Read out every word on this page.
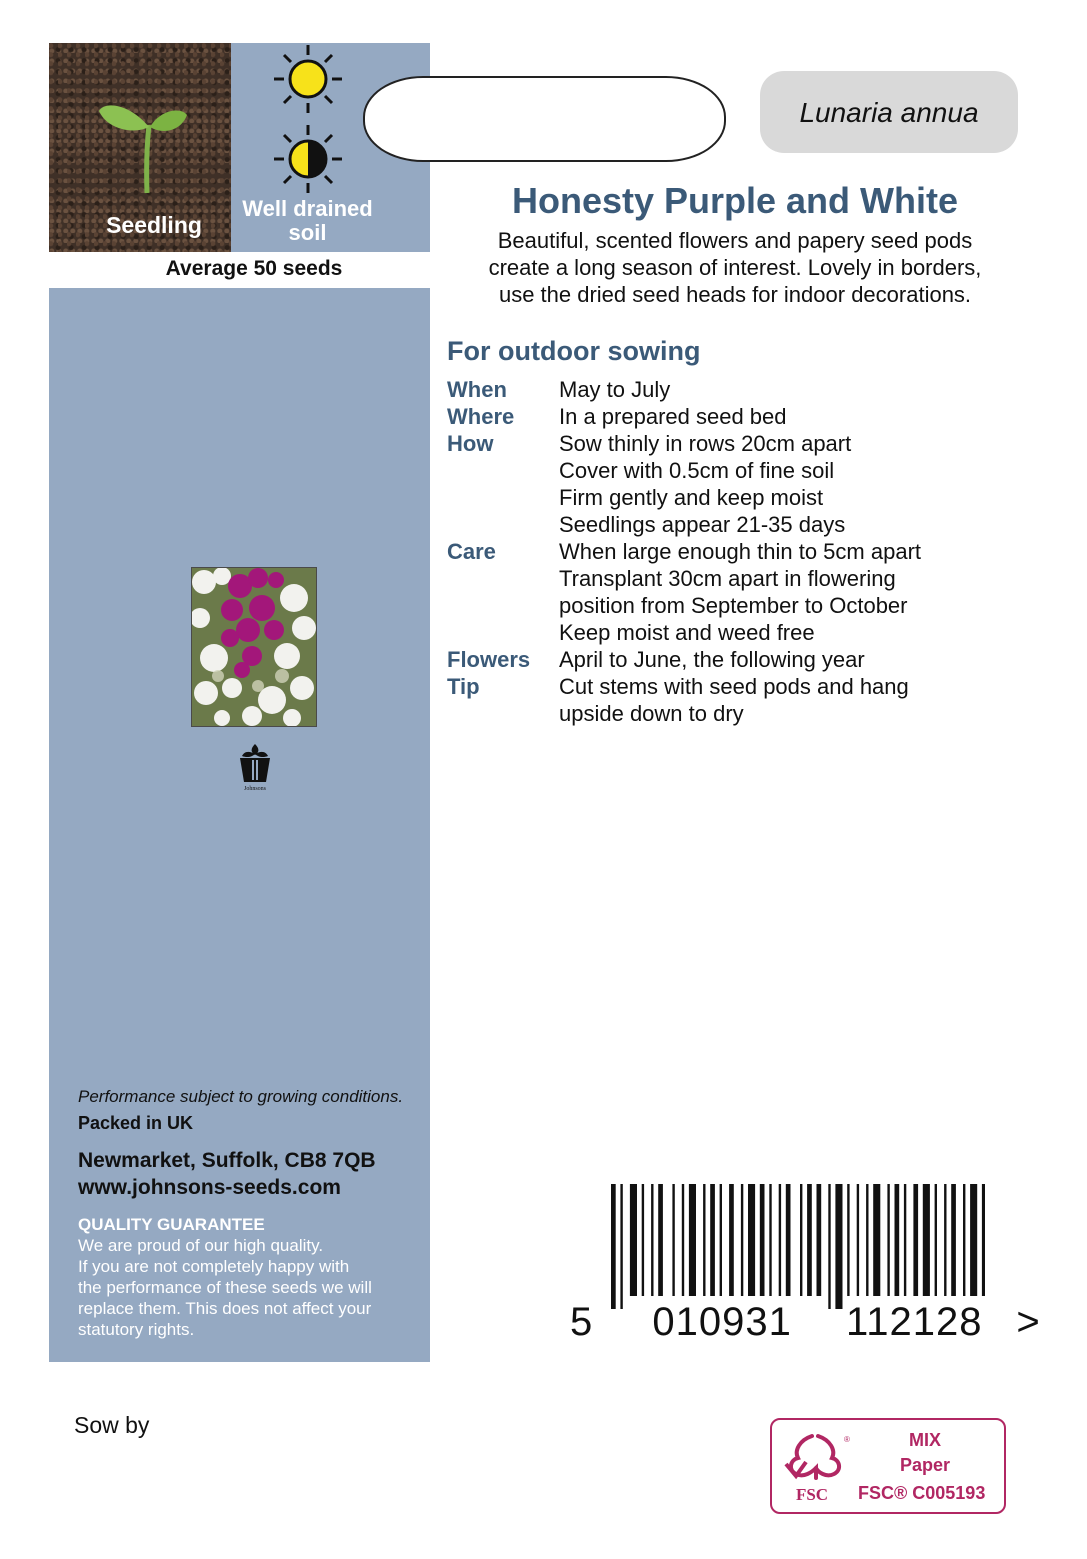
Seedling
Well drained soil
Average 50 seeds
Johnsons
Performance subject to growing conditions.
Packed in UK
Newmarket, Suffolk, CB8 7QB
www.johnsons-seeds.com
QUALITY GUARANTEE
We are proud of our high quality.
If you are not completely happy with
the performance of these seeds we will
replace them. This does not affect your
statutory rights.
Sow by
Lunaria annua
Honesty Purple and White
Beautiful, scented flowers and papery seed pods
create a long season of interest. Lovely in borders,
use the dried seed heads for indoor decorations.
For outdoor sowing
When	May to July
Where	In a prepared seed bed
How	Sow thinly in rows 20cm apart
Cover with 0.5cm of fine soil
Firm gently and keep moist
Seedlings appear 21-35 days
Care	When large enough thin to 5cm apart
Transplant 30cm apart in flowering
position from September to October
Keep moist and weed free
Flowers	April to June, the following year
Tip	Cut stems with seed pods and hang
upside down to dry
5 010931 112128 >
FSC
®	MIX
Paper
FSC® C005193
